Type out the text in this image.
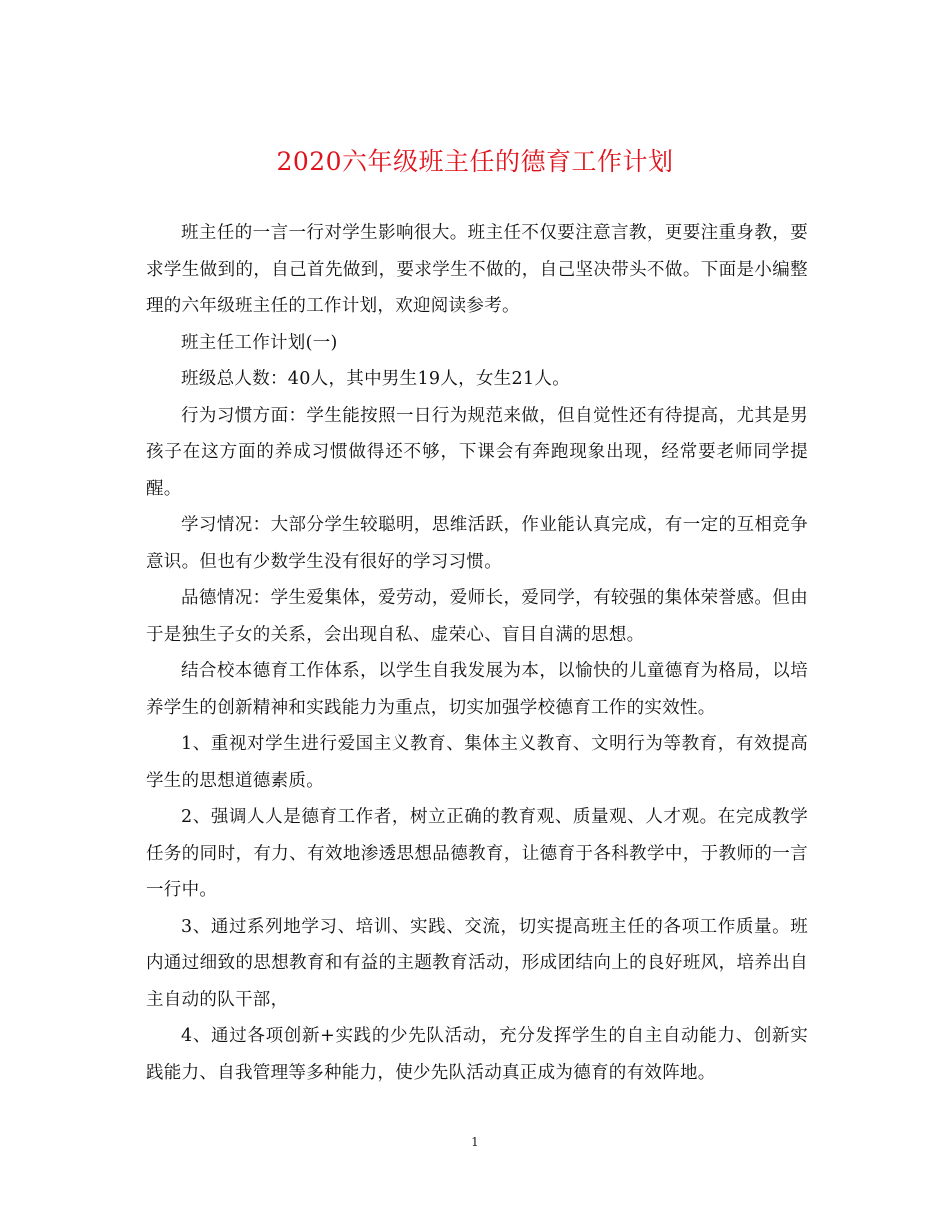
2020六年级班主任的德育工作计划

班主任的一言一行对学生影响很大。班主任不仅要注意言教，更要注重身教，要求学生做到的，自己首先做到，要求学生不做的，自己坚决带头不做。下面是小编整理的六年级班主任的工作计划，欢迎阅读参考。

班主任工作计划(一)

班级总人数：40人，其中男生19人，女生21人。

行为习惯方面：学生能按照一日行为规范来做，但自觉性还有待提高，尤其是男孩子在这方面的养成习惯做得还不够，下课会有奔跑现象出现，经常要老师同学提醒。

学习情况：大部分学生较聪明，思维活跃，作业能认真完成，有一定的互相竞争意识。但也有少数学生没有很好的学习习惯。

品德情况：学生爱集体，爱劳动，爱师长，爱同学，有较强的集体荣誉感。但由于是独生子女的关系，会出现自私、虚荣心、盲目自满的思想。

结合校本德育工作体系，以学生自我发展为本，以愉快的儿童德育为格局，以培养学生的创新精神和实践能力为重点，切实加强学校德育工作的实效性。

1、重视对学生进行爱国主义教育、集体主义教育、文明行为等教育，有效提高学生的思想道德素质。

2、强调人人是德育工作者，树立正确的教育观、质量观、人才观。在完成教学任务的同时，有力、有效地渗透思想品德教育，让德育于各科教学中，于教师的一言一行中。

3、通过系列地学习、培训、实践、交流，切实提高班主任的各项工作质量。班内通过细致的思想教育和有益的主题教育活动，形成团结向上的良好班风，培养出自主自动的队干部，

4、通过各项创新+实践的少先队活动，充分发挥学生的自主自动能力、创新实践能力、自我管理等多种能力，使少先队活动真正成为德育的有效阵地。

1
